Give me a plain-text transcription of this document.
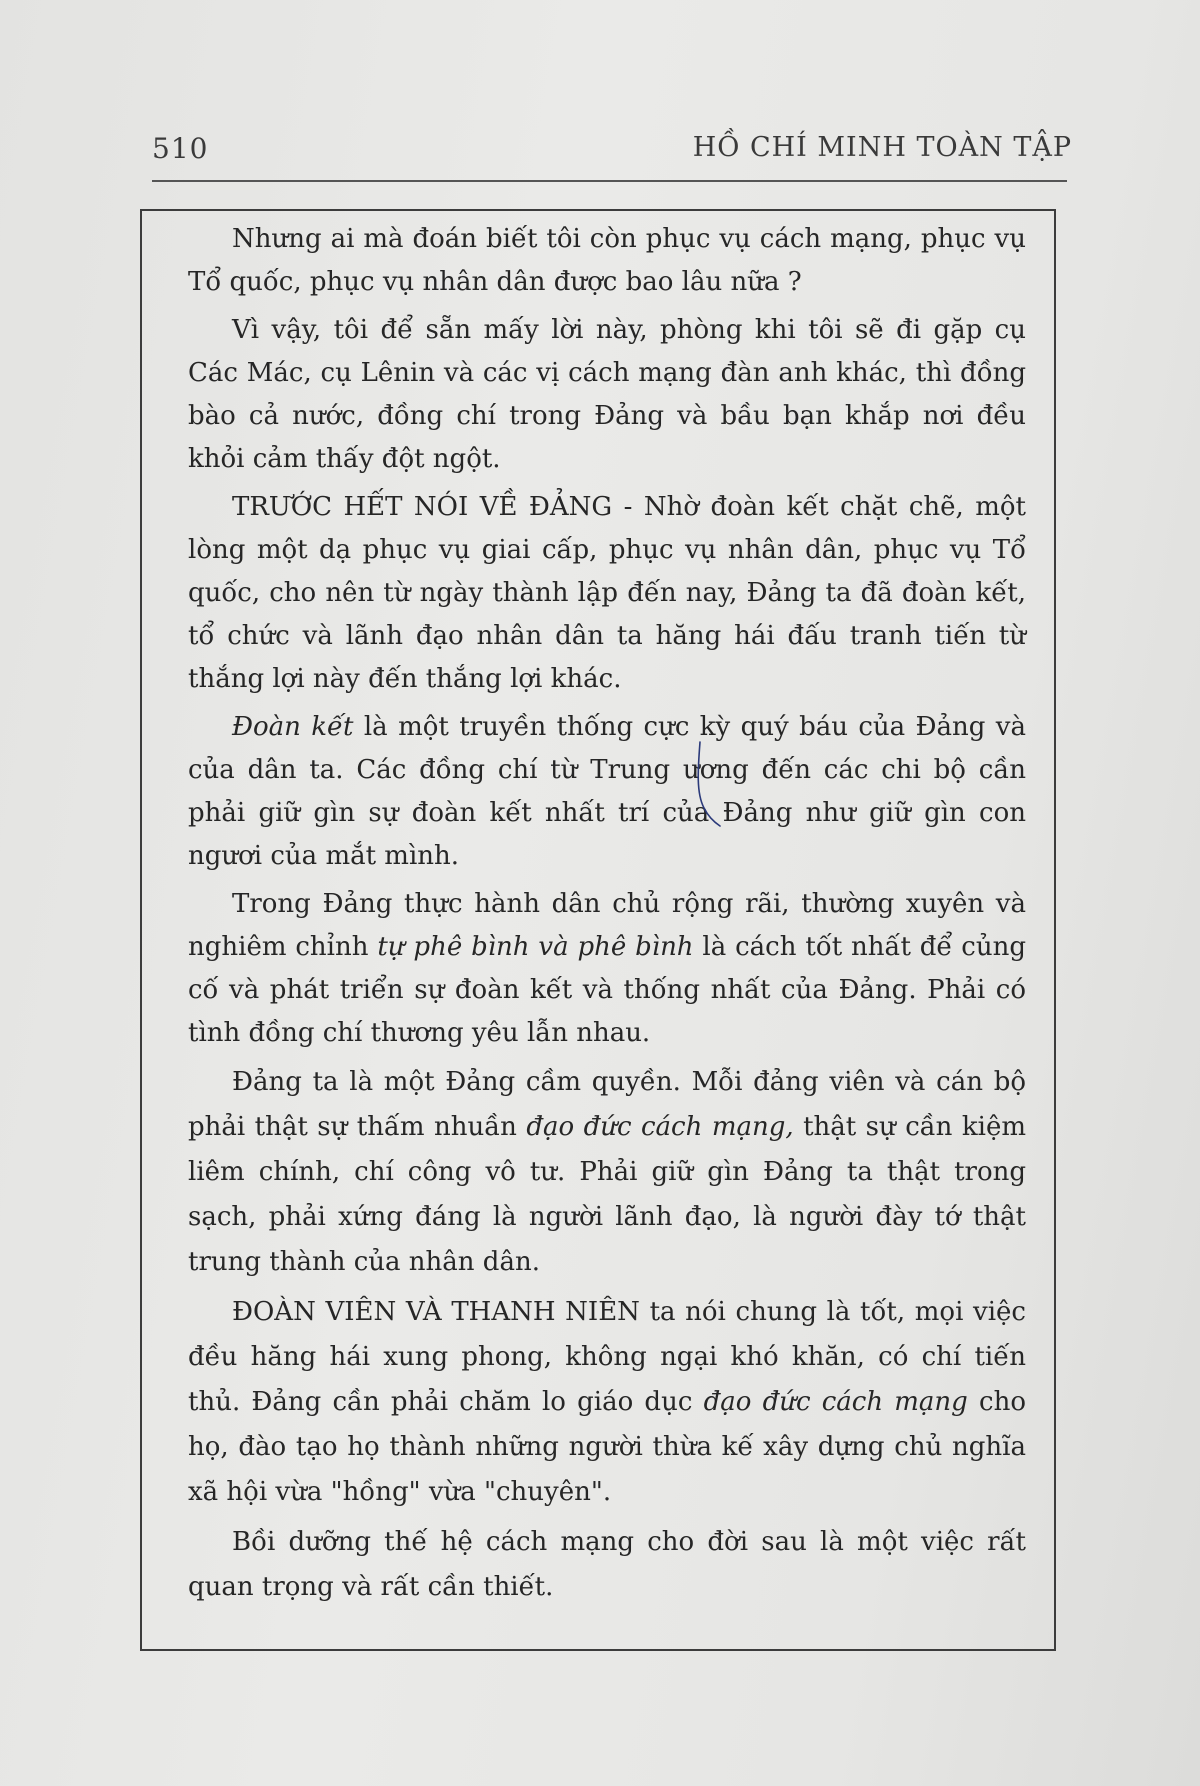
510	HỒ CHÍ MINH TOÀN TẬP

Nhưng ai mà đoán biết tôi còn phục vụ cách mạng, phục vụ Tổ quốc, phục vụ nhân dân được bao lâu nữa ?

Vì vậy, tôi để sẵn mấy lời này, phòng khi tôi sẽ đi gặp cụ Các Mác, cụ Lênin và các vị cách mạng đàn anh khác, thì đồng bào cả nước, đồng chí trong Đảng và bầu bạn khắp nơi đều khỏi cảm thấy đột ngột.

TRƯỚC HẾT NÓI VỀ ĐẢNG - Nhờ đoàn kết chặt chẽ, một lòng một dạ phục vụ giai cấp, phục vụ nhân dân, phục vụ Tổ quốc, cho nên từ ngày thành lập đến nay, Đảng ta đã đoàn kết, tổ chức và lãnh đạo nhân dân ta hăng hái đấu tranh tiến từ thắng lợi này đến thắng lợi khác.

Đoàn kết là một truyền thống cực kỳ quý báu của Đảng và của dân ta. Các đồng chí từ Trung ương đến các chi bộ cần phải giữ gìn sự đoàn kết nhất trí của Đảng như giữ gìn con ngươi của mắt mình.

Trong Đảng thực hành dân chủ rộng rãi, thường xuyên và nghiêm chỉnh tự phê bình và phê bình là cách tốt nhất để củng cố và phát triển sự đoàn kết và thống nhất của Đảng. Phải có tình đồng chí thương yêu lẫn nhau.

Đảng ta là một Đảng cầm quyền. Mỗi đảng viên và cán bộ phải thật sự thấm nhuần đạo đức cách mạng, thật sự cần kiệm liêm chính, chí công vô tư. Phải giữ gìn Đảng ta thật trong sạch, phải xứng đáng là người lãnh đạo, là người đày tớ thật trung thành của nhân dân.

ĐOÀN VIÊN VÀ THANH NIÊN ta nói chung là tốt, mọi việc đều hăng hái xung phong, không ngại khó khăn, có chí tiến thủ. Đảng cần phải chăm lo giáo dục đạo đức cách mạng cho họ, đào tạo họ thành những người thừa kế xây dựng chủ nghĩa xã hội vừa "hồng" vừa "chuyên".

Bồi dưỡng thế hệ cách mạng cho đời sau là một việc rất quan trọng và rất cần thiết.
